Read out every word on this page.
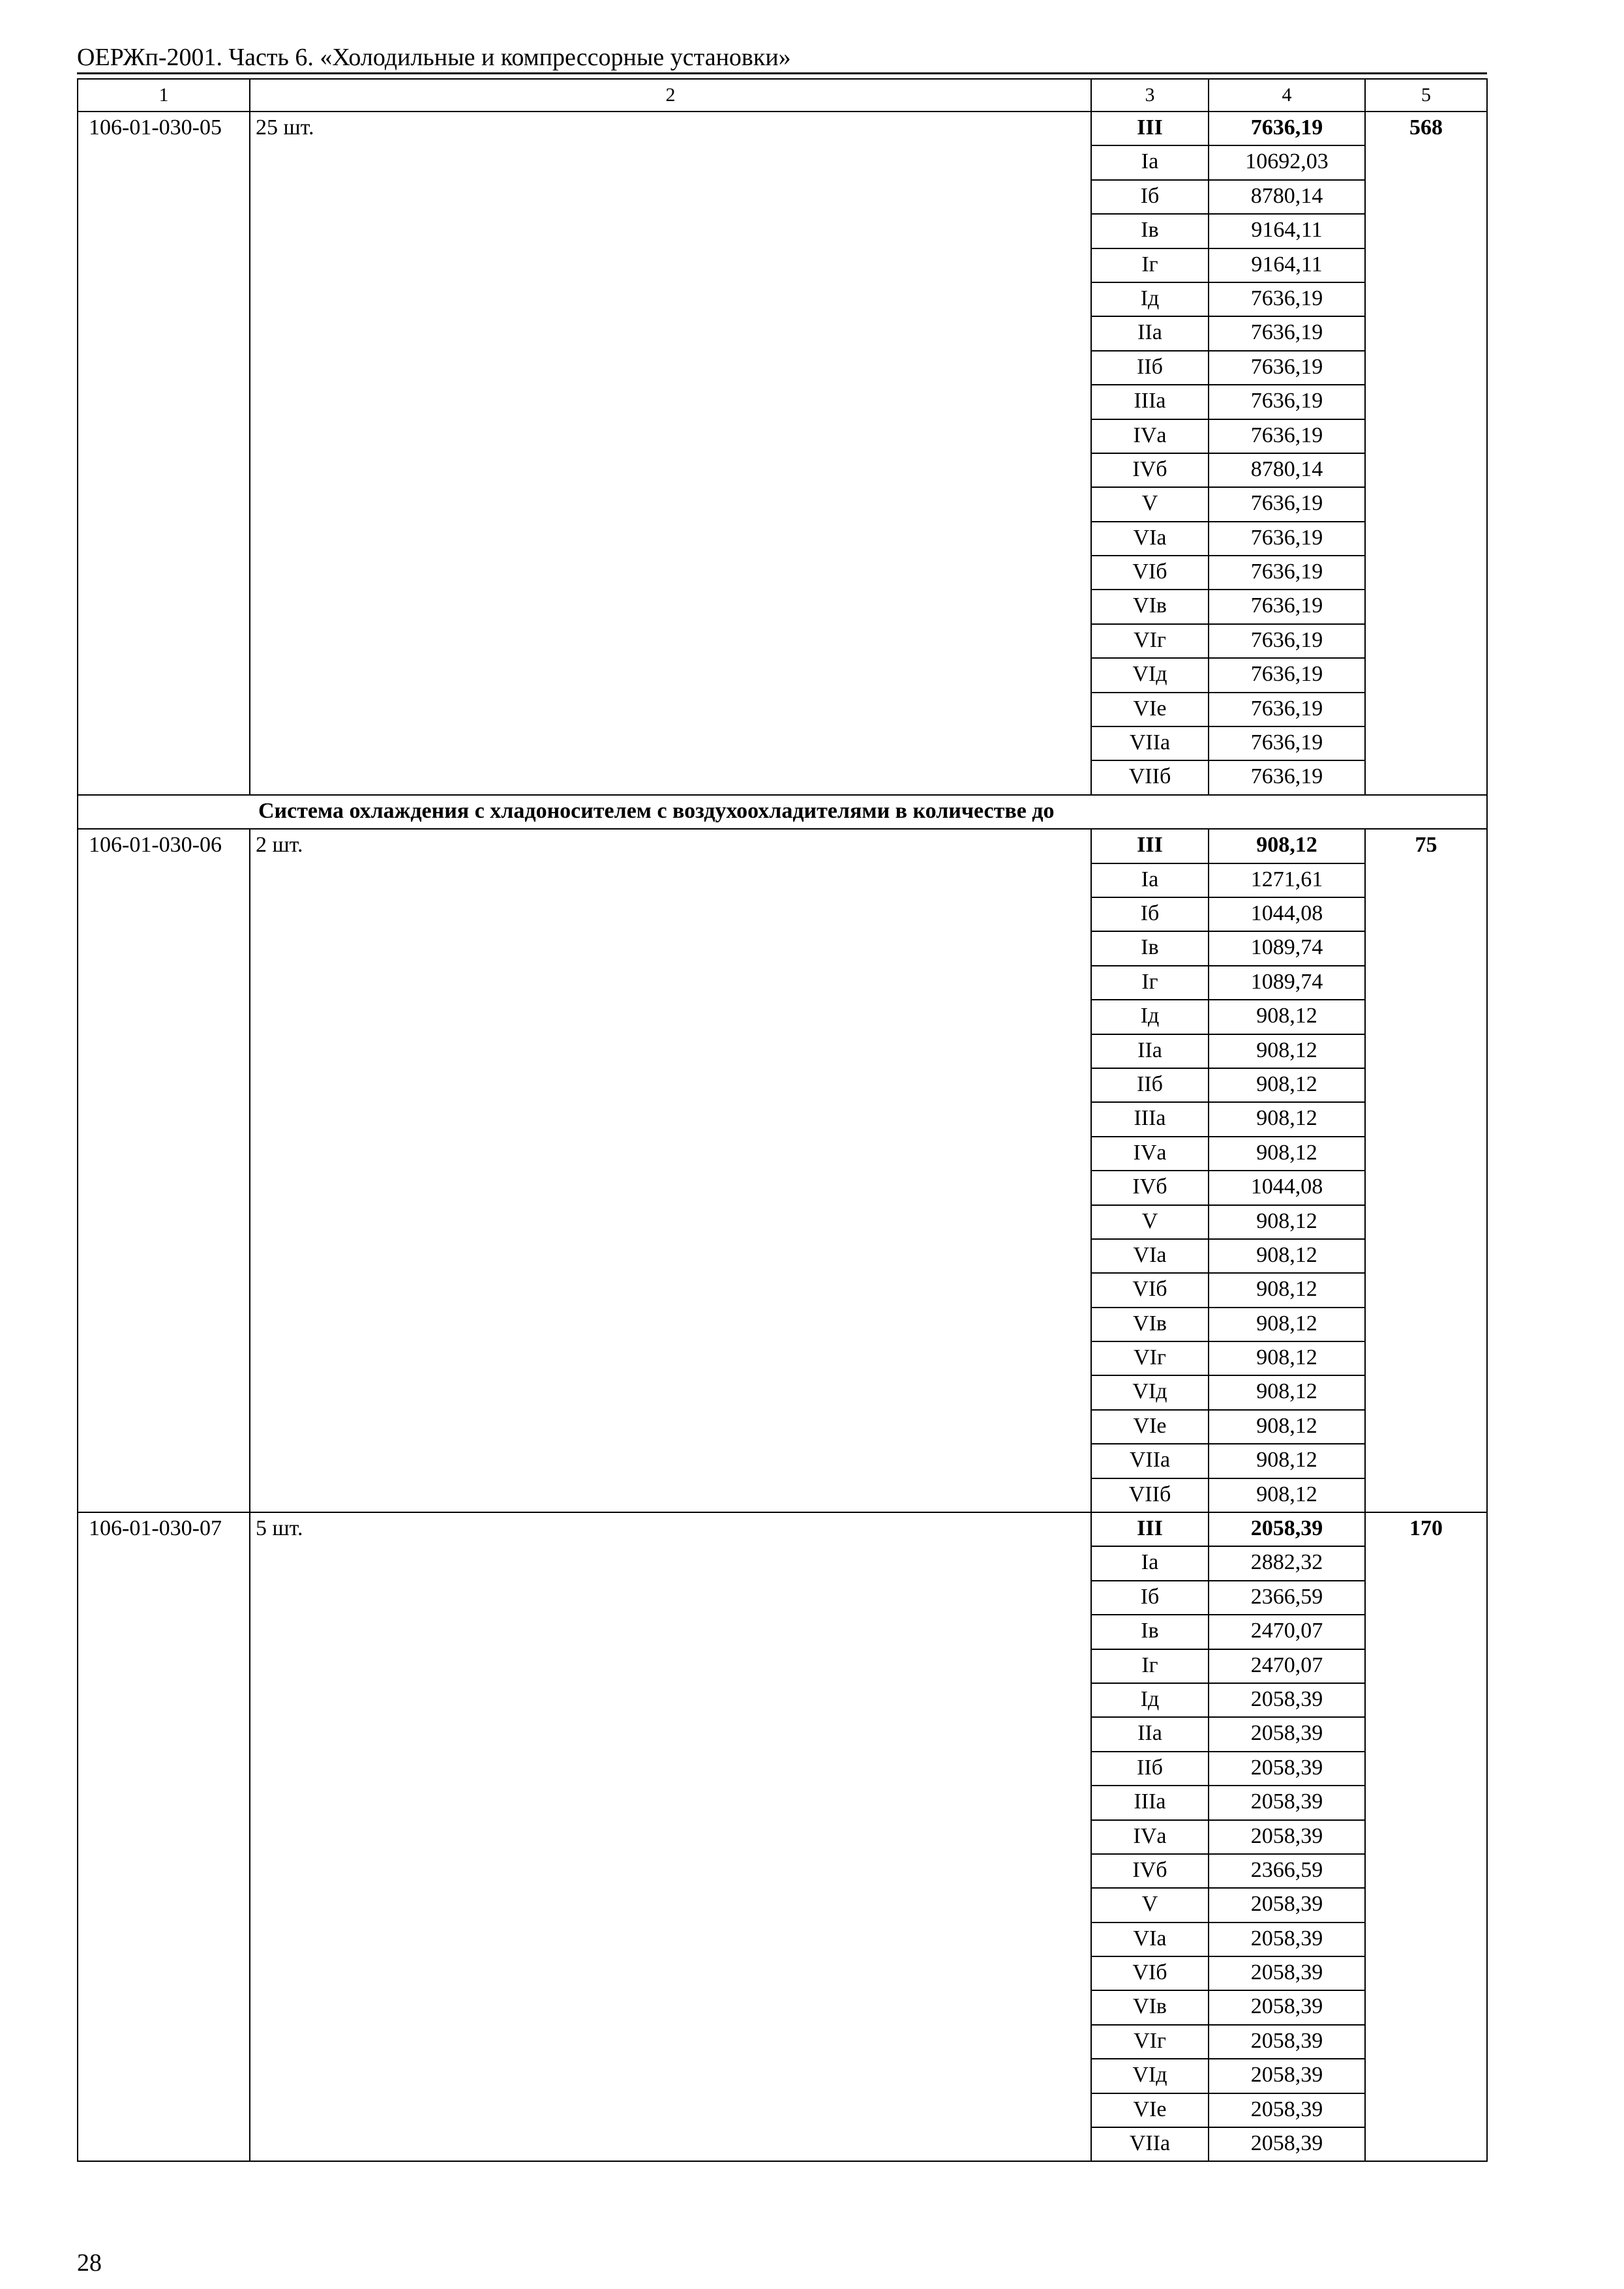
ОЕРЖп-2001. Часть 6. «Холодильные и компрессорные установки»
1	2	3	4	5
106-01-030-05	25 шт.	III	7636,19	568
		Iа	10692,03	
		Iб	8780,14	
		Iв	9164,11	
		Iг	9164,11	
		Iд	7636,19	
		IIа	7636,19	
		IIб	7636,19	
		IIIа	7636,19	
		IVа	7636,19	
		IVб	8780,14	
		V	7636,19	
		VIа	7636,19	
		VIб	7636,19	
		VIв	7636,19	
		VIг	7636,19	
		VIд	7636,19	
		VIе	7636,19	
		VIIа	7636,19	
		VIIб	7636,19	
Система охлаждения с хладоносителем с воздухоохладителями в количестве до				
106-01-030-06	2 шт.	III	908,12	75
		Iа	1271,61	
		Iб	1044,08	
		Iв	1089,74	
		Iг	1089,74	
		Iд	908,12	
		IIа	908,12	
		IIб	908,12	
		IIIа	908,12	
		IVа	908,12	
		IVб	1044,08	
		V	908,12	
		VIа	908,12	
		VIб	908,12	
		VIв	908,12	
		VIг	908,12	
		VIд	908,12	
		VIе	908,12	
		VIIа	908,12	
		VIIб	908,12	
106-01-030-07	5 шт.	III	2058,39	170
		Iа	2882,32	
		Iб	2366,59	
		Iв	2470,07	
		Iг	2470,07	
		Iд	2058,39	
		IIа	2058,39	
		IIб	2058,39	
		IIIа	2058,39	
		IVа	2058,39	
		IVб	2366,59	
		V	2058,39	
		VIа	2058,39	
		VIб	2058,39	
		VIв	2058,39	
		VIг	2058,39	
		VIд	2058,39	
		VIе	2058,39	
		VIIа	2058,39	
28
